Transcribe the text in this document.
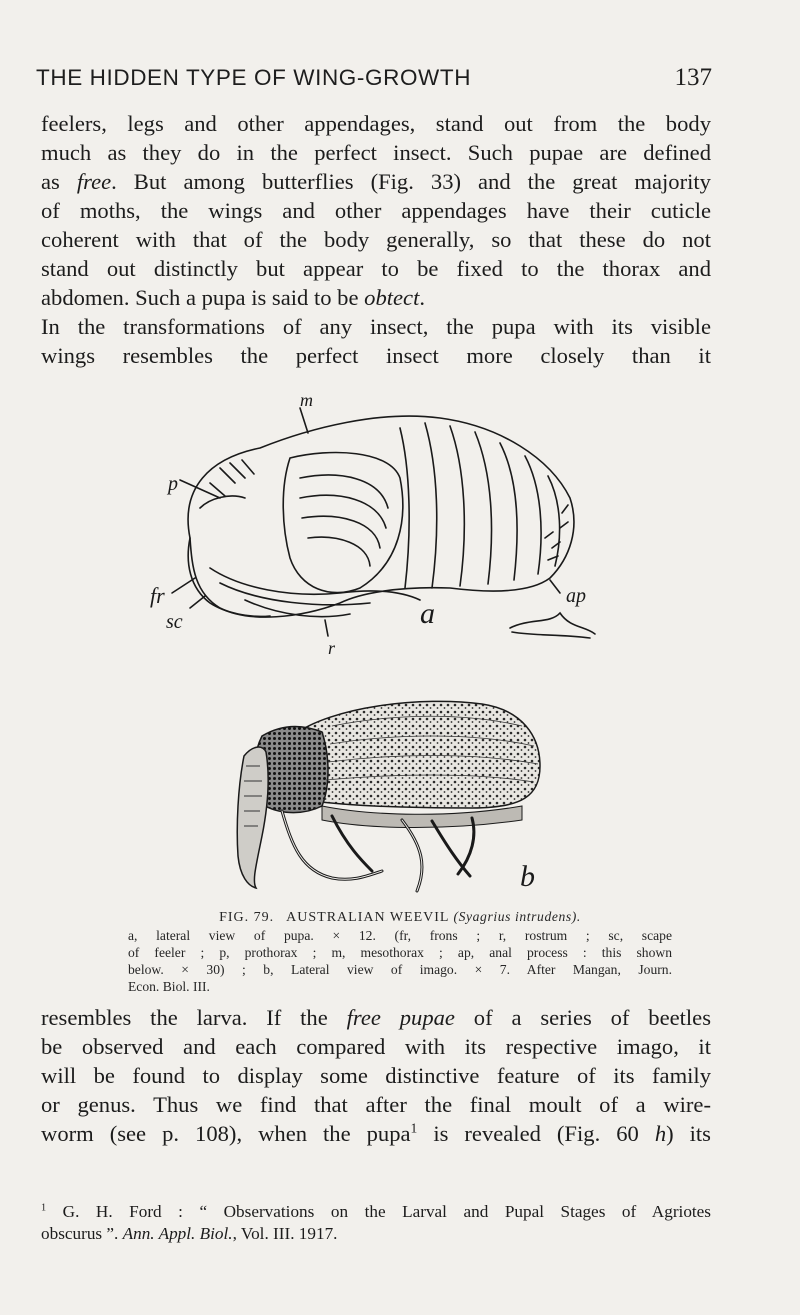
THE HIDDEN TYPE OF WING-GROWTH	137
feelers, legs and other appendages, stand out from the body
much as they do in the perfect insect. Such pupae are defined
as free. But among butterflies (Fig. 33) and the great majority
of moths, the wings and other appendages have their cuticle
coherent with that of the body generally, so that these do not
stand out distinctly but appear to be fixed to the thorax and
abdomen. Such a pupa is said to be obtect.
In the transformations of any insect, the pupa with its visible
wings resembles the perfect insect more closely than it
m
p
fr
sc
r
a
ap
b
FIG. 79. AUSTRALIAN WEEVIL (Syagrius intrudens).
a, lateral view of pupa. × 12. (fr, frons ; r, rostrum ; sc, scape
of feeler ; p, prothorax ; m, mesothorax ; ap, anal process : this shown
below. × 30) ; b, Lateral view of imago. × 7. After Mangan, Journ.
Econ. Biol. III.
resembles the larva. If the free pupae of a series of beetles
be observed and each compared with its respective imago, it
will be found to display some distinctive feature of its family
or genus. Thus we find that after the final moult of a wire-
worm (see p. 108), when the pupa$^1$ is revealed (Fig. 60 h) its
$^1$ G. H. Ford : “ Observations on the Larval and Pupal Stages of Agriotes
obscurus ”. Ann. Appl. Biol., Vol. III. 1917.
